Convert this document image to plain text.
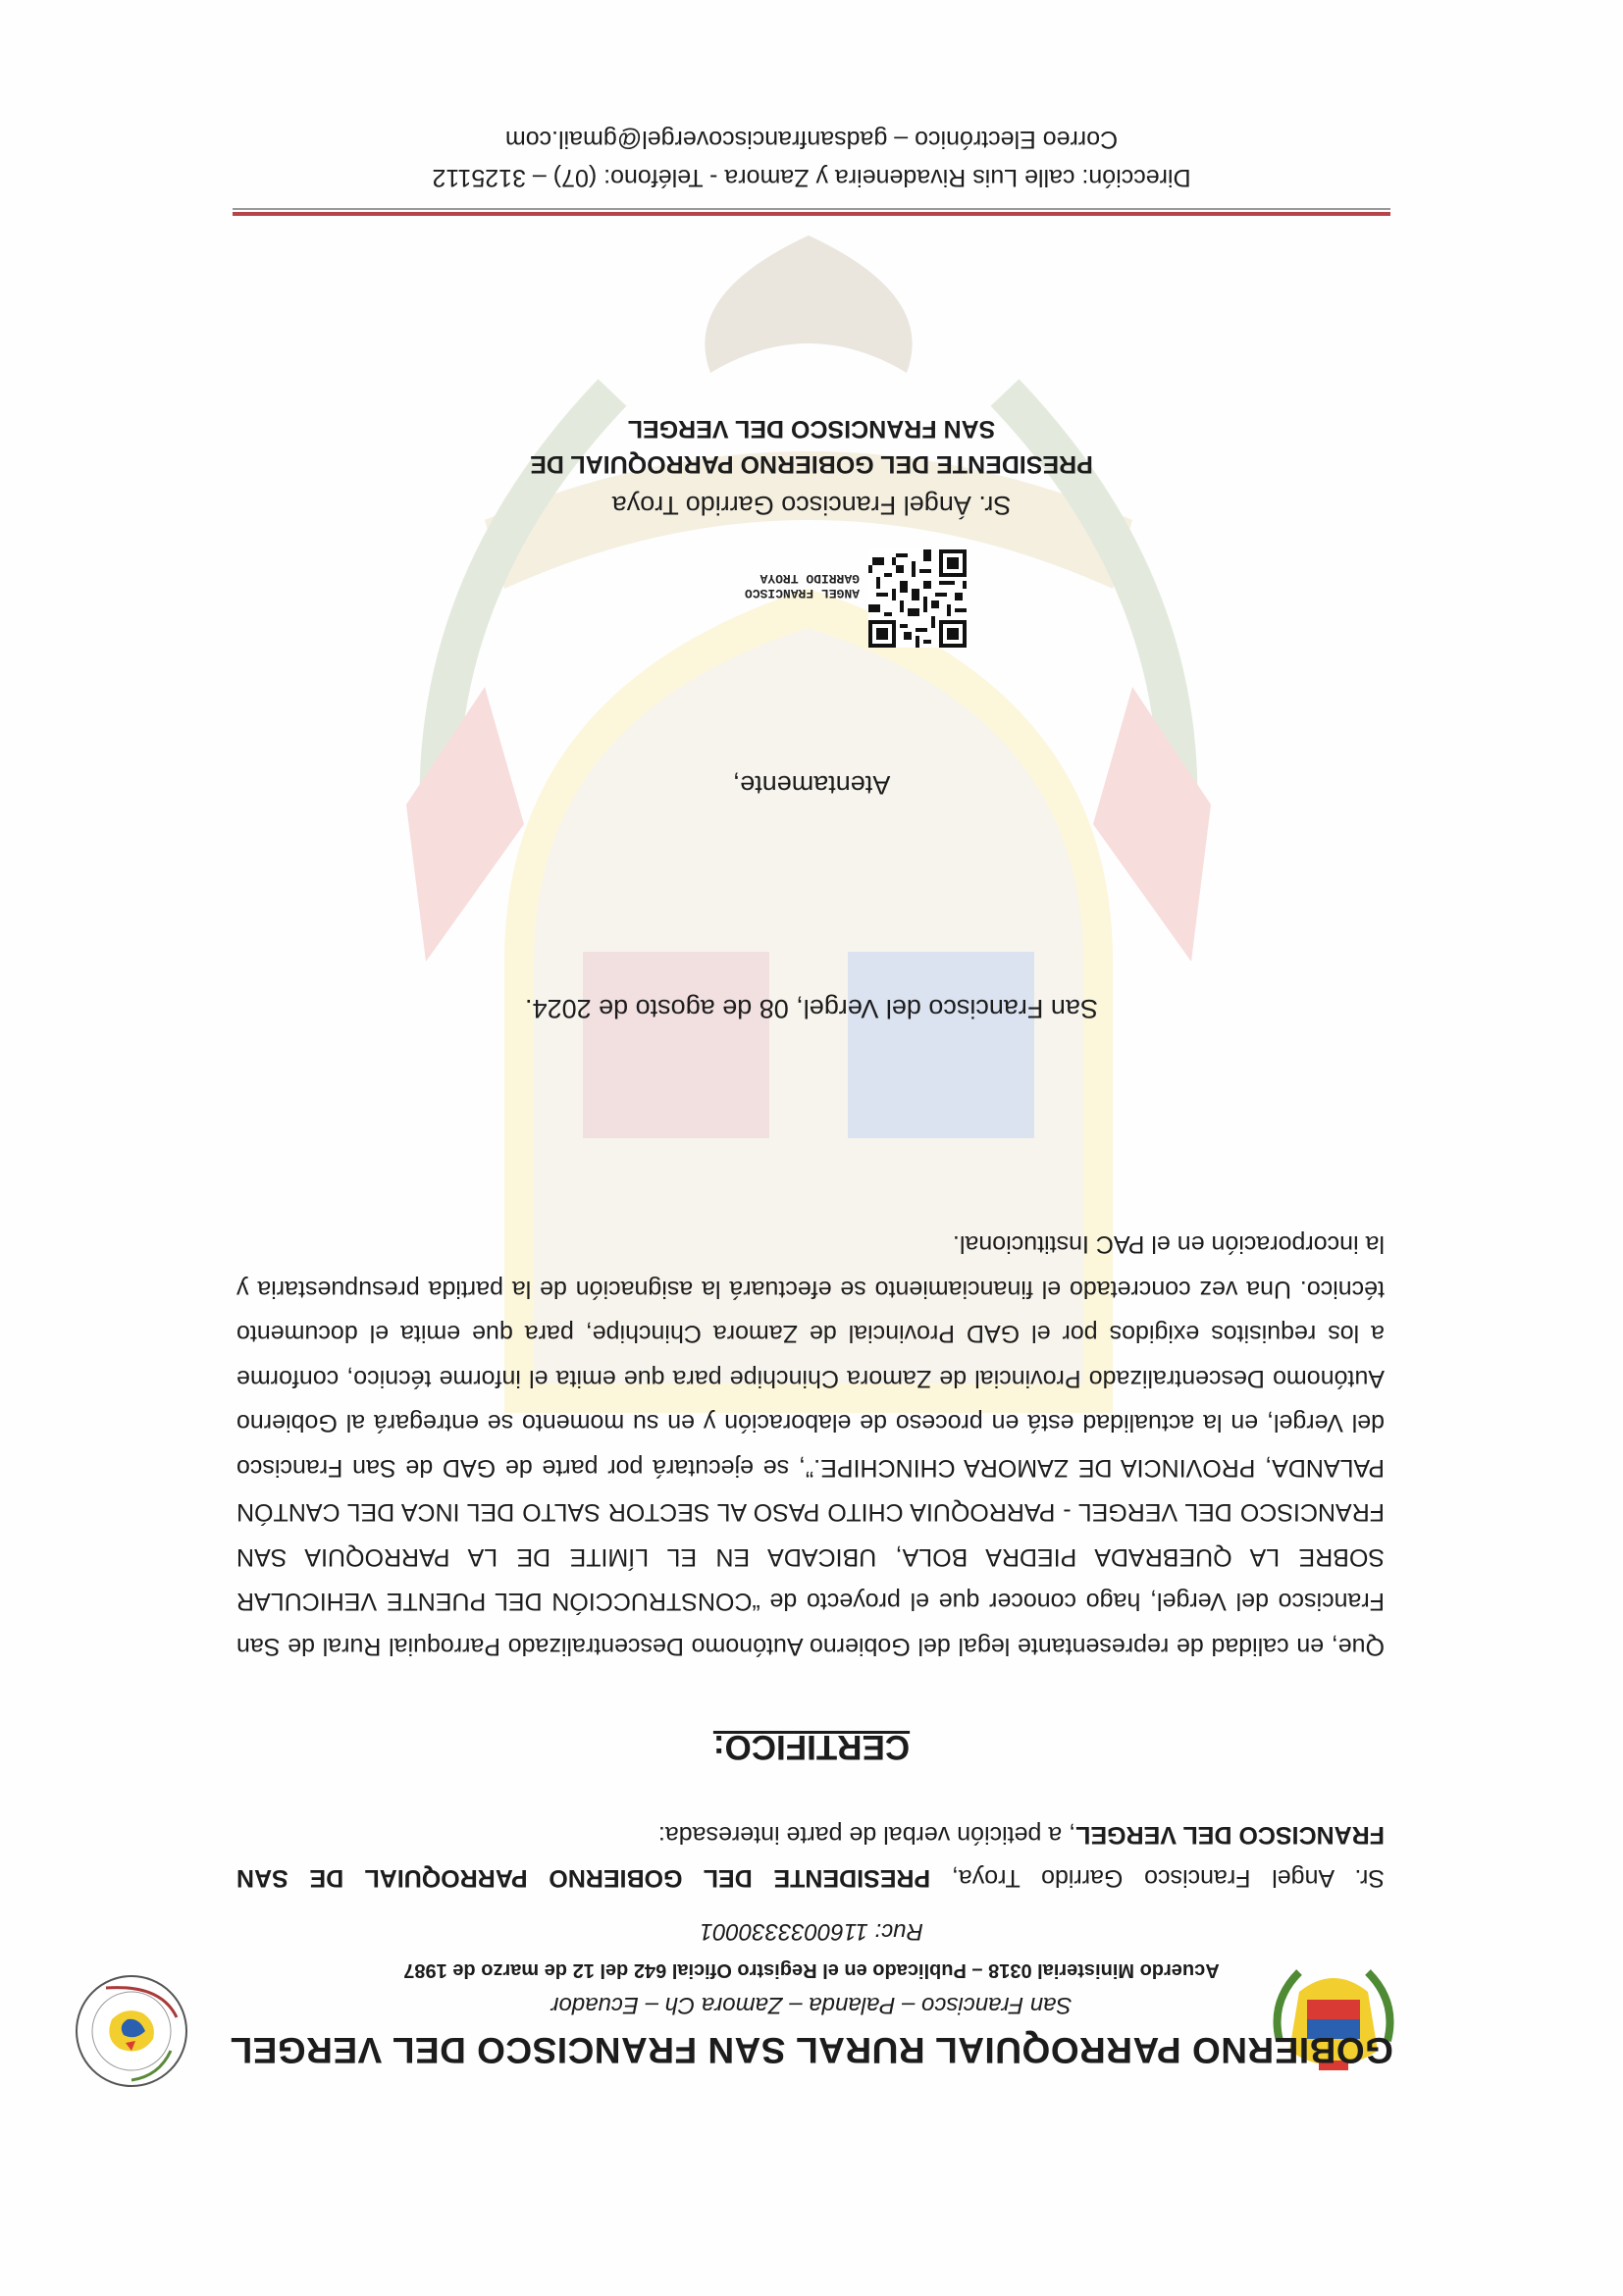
GOBIERNO PARROQUIAL RURAL SAN FRANCISCO DEL VERGEL
San Francisco – Palanda – Zamora Ch – Ecuador
Acuerdo Ministerial 0318 – Publicado en el Registro Oficial 642 del 12 de marzo de 1987
Ruc: 1160033330001
Sr. Angel Francisco Garrido Troya, PRESIDENTE DEL GOBIERNO PARROQUIAL DE SAN FRANCISCO DEL VERGEL, a petición verbal de parte interesada:
CERTIFICO:
Que, en calidad de representante legal del Gobierno Autónomo Descentralizado Parroquial Rural de San Francisco del Vergel, hago conocer que el proyecto de “CONSTRUCCIÓN DEL PUENTE VEHICULAR SOBRE LA QUEBRADA PIEDRA BOLA, UBICADA EN EL LÍMITE DE LA PARROQUIA SAN FRANCISCO DEL VERGEL - PARROQUIA CHITO PASO AL SECTOR SALTO DEL INCA DEL CANTÓN PALANDA, PROVINCIA DE ZAMORA CHINCHIPE.”, se ejecutará por parte de GAD de San Francisco del Vergel, en la actualidad está en proceso de elaboración y en su momento se entregará al Gobierno Autónomo Descentralizado Provincial de Zamora Chinchipe para que emita el informe técnico, conforme a los requisitos exigidos por el GAD Provincial de Zamora Chinchipe, para que emita el documento técnico. Una vez concretado el financiamiento se efectuará la asignación de la partida presupuestaria y la incorporación en el PAC Institucional.
San Francisco del Vergel, 08 de agosto de 2024.
Atentamente,
ANGEL FRANCISCO
GARRIDO TROYA
Sr. Ángel Francisco Garrido Troya
PRESIDENTE DEL GOBIERNO PARROQUIAL DE
SAN FRANCISCO DEL VERGEL
Dirección: calle Luis Rivadeneira y Zamora - Teléfono: (07) – 3125112
Correo Electrónico – gadsanfranciscovergel@gmail.com
